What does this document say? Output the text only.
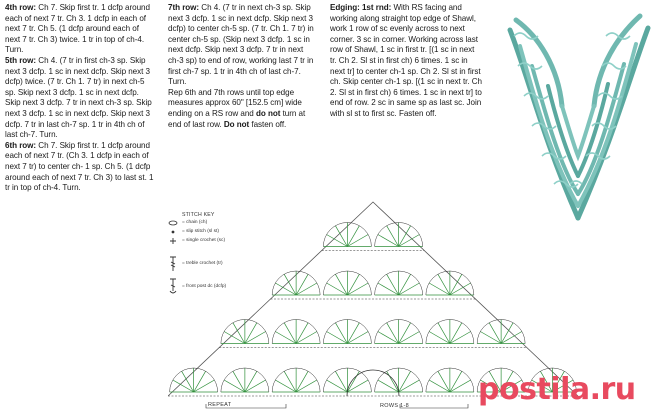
4th row: Ch 7. Skip first tr. 1 dcfp around each of next 7 tr. Ch 3. 1 dcfp in each of next 7 tr. Ch 5. (1 dcfp around each of next 7 tr. Ch 3) twice. 1 tr in top of ch-4. Turn.

5th row: Ch 4. (7 tr in first ch-3 sp. Skip next 3 dcfp. 1 sc in next dcfp. Skip next 3 dcfp) twice. (7 tr. Ch 1. 7 tr) in next ch-5 sp. Skip next 3 dcfp. 1 sc in next dcfp. Skip next 3 dcfp. 7 tr in next ch-3 sp. Skip next 3 dcfp. 1 sc in next dcfp. Skip next 3 dcfp. 7 tr in last ch-7 sp. 1 tr in 4th ch of last ch-7. Turn.

6th row: Ch 7. Skip first tr. 1 dcfp around each of next 7 tr. (Ch 3. 1 dcfp in each of next 7 tr) to center ch- 1 sp. Ch 5. (1 dcfp around each of next 7 tr. Ch 3) to last st. 1 tr in top of ch-4. Turn.

7th row: Ch 4. (7 tr in next ch-3 sp. Skip next 3 dcfp. 1 sc in next dcfp. Skip next 3 dcfp) to center ch-5 sp. (7 tr. Ch 1. 7 tr) in center ch-5 sp. (Skip next 3 dcfp. 1 sc in next dcfp. Skip next 3 dcfp. 7 tr in next ch-3 sp) to end of row, working last 7 tr in first ch-7 sp. 1 tr in 4th ch of last ch-7. Turn.

Rep 6th and 7th rows until top edge measures approx 60" [152.5 cm] wide ending on a RS row and do not turn at end of last row. Do not fasten off.

Edging: 1st rnd: With RS facing and working along straight top edge of Shawl, work 1 row of sc evenly across to next corner. 3 sc in corner. Working across last row of Shawl, 1 sc in first tr. [(1 sc in next tr. Ch 2. Sl st in first ch) 6 times. 1 sc in next tr] to center ch-1 sp. Ch 2. Sl st in first ch. Skip center ch-1 sp. [(1 sc in next tr. Ch 2. Sl st in first ch) 6 times. 1 sc in next tr] to end of row. 2 sc in same sp as last sc. Join with sl st to first sc. Fasten off.

STITCH KEY
= chain (ch)
= slip stitch (sl st)
= single crochet (sc)
= treble crochet (tr)
= front post dc (dcfp)
REPEAT	ROWS 1-8 postila.ru
